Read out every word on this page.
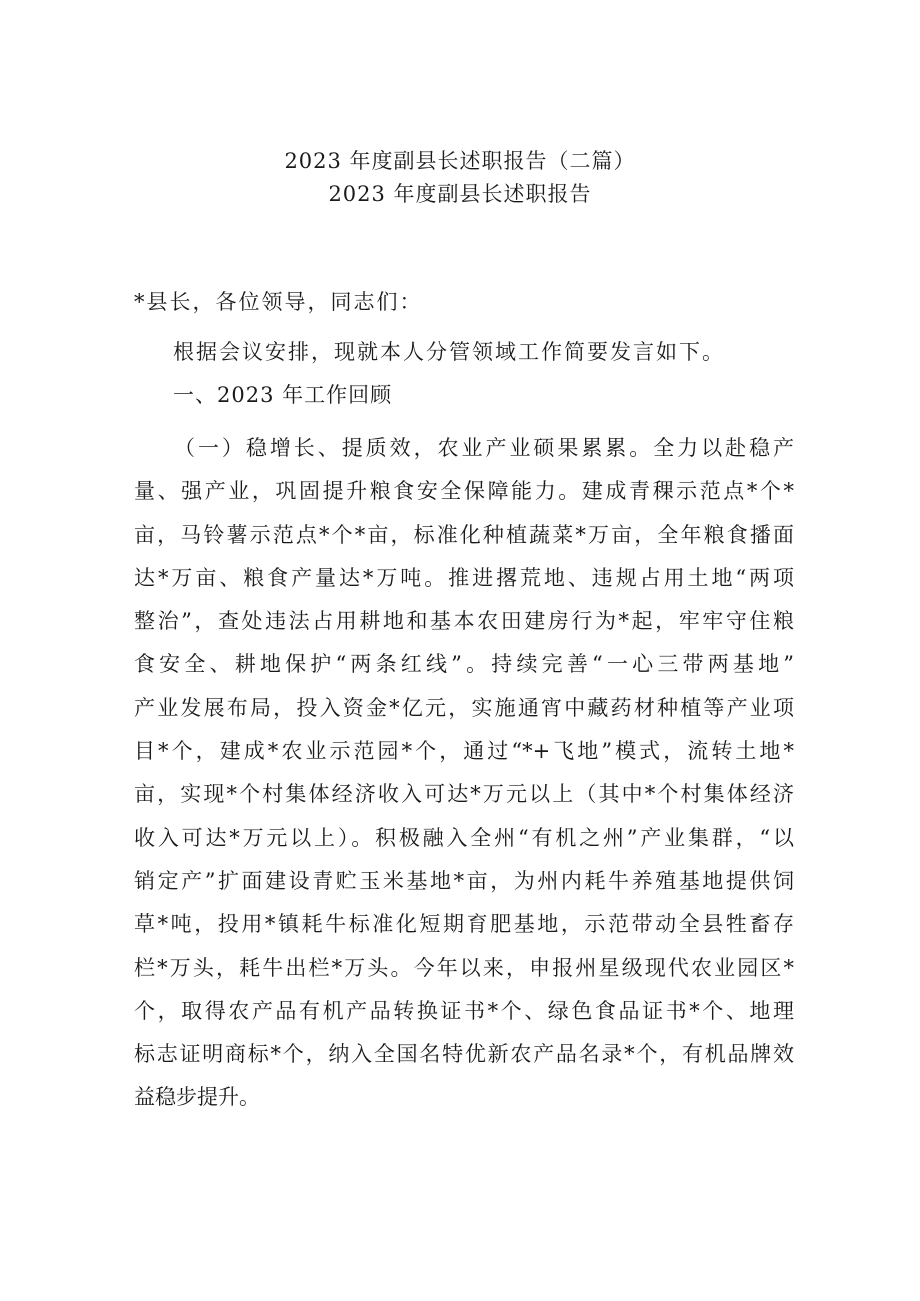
2023 年度副县长述职报告（二篇）
2023 年度副县长述职报告
*县长，各位领导，同志们：
根据会议安排，现就本人分管领域工作简要发言如下。
一、2023 年工作回顾
（一）稳增长、提质效，农业产业硕果累累。全力以赴稳产
量、强产业，巩固提升粮食安全保障能力。建成青稞示范点*个*
亩，马铃薯示范点*个*亩，标准化种植蔬菜*万亩，全年粮食播面
达*万亩、粮食产量达*万吨。推进撂荒地、违规占用土地“两项
整治”，查处违法占用耕地和基本农田建房行为*起，牢牢守住粮
食安全、耕地保护“两条红线”。持续完善“一心三带两基地”
产业发展布局，投入资金*亿元，实施通宵中藏药材种植等产业项
目*个，建成*农业示范园*个，通过“*+飞地”模式，流转土地*
亩，实现*个村集体经济收入可达*万元以上（其中*个村集体经济
收入可达*万元以上）。积极融入全州“有机之州”产业集群，“以
销定产”扩面建设青贮玉米基地*亩，为州内耗牛养殖基地提供饲
草*吨，投用*镇耗牛标准化短期育肥基地，示范带动全县牲畜存
栏*万头，耗牛出栏*万头。今年以来，申报州星级现代农业园区*
个，取得农产品有机产品转换证书*个、绿色食品证书*个、地理
标志证明商标*个，纳入全国名特优新农产品名录*个，有机品牌效
益稳步提升。
